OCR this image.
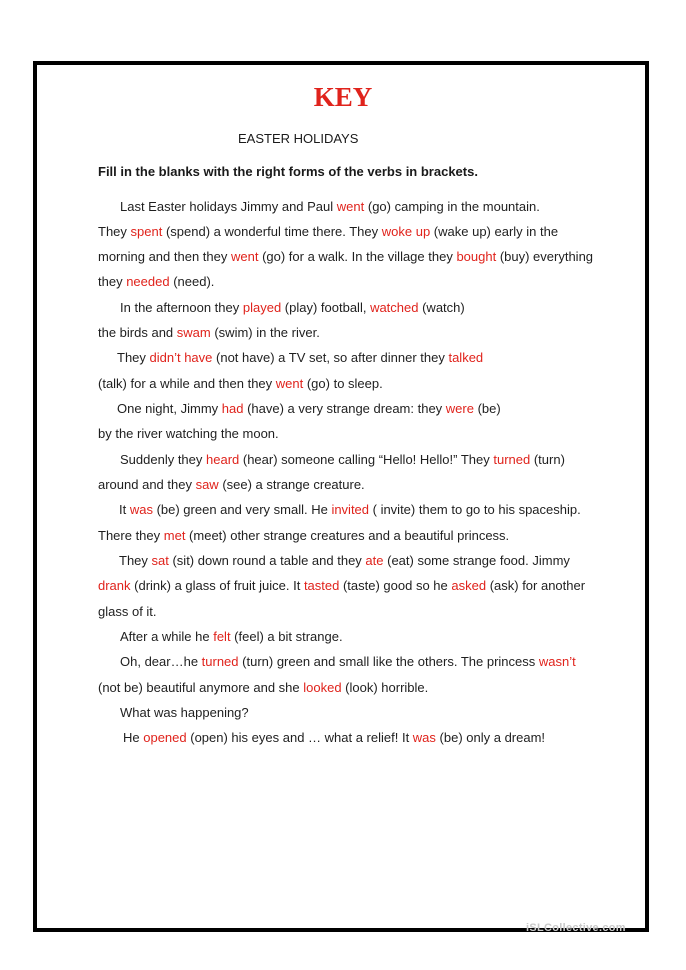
KEY
EASTER HOLIDAYS
Fill in the blanks with the right forms of the verbs in brackets.
Last Easter holidays Jimmy and Paul went (go) camping in the mountain.
They spent (spend) a wonderful time there. They woke up (wake up) early in the
morning and then they went (go) for a walk. In the village they bought (buy) everything
they needed (need).
In the afternoon they played (play) football, watched (watch)
the birds and swam (swim) in the river.
They didn’t have (not have) a TV set, so after dinner they talked
(talk) for a while and then they went (go) to sleep.
One night, Jimmy had (have) a very strange dream: they were (be)
by the river watching the moon.
Suddenly they heard (hear) someone calling “Hello! Hello!” They turned (turn)
around and they saw (see) a strange creature.
It was (be) green and very small. He invited ( invite) them to go to his spaceship.
There they met (meet) other strange creatures and a beautiful princess.
They sat (sit) down round a table and they ate (eat) some strange food. Jimmy
drank (drink) a glass of fruit juice. It tasted (taste) good so he asked (ask) for another
glass of it.
After a while he felt (feel) a bit strange.
Oh, dear…he turned (turn) green and small like the others. The princess wasn’t
(not be) beautiful anymore and she looked (look) horrible.
What was happening?
He opened (open) his eyes and … what a relief! It was (be) only a dream!
iSLCollective.com
